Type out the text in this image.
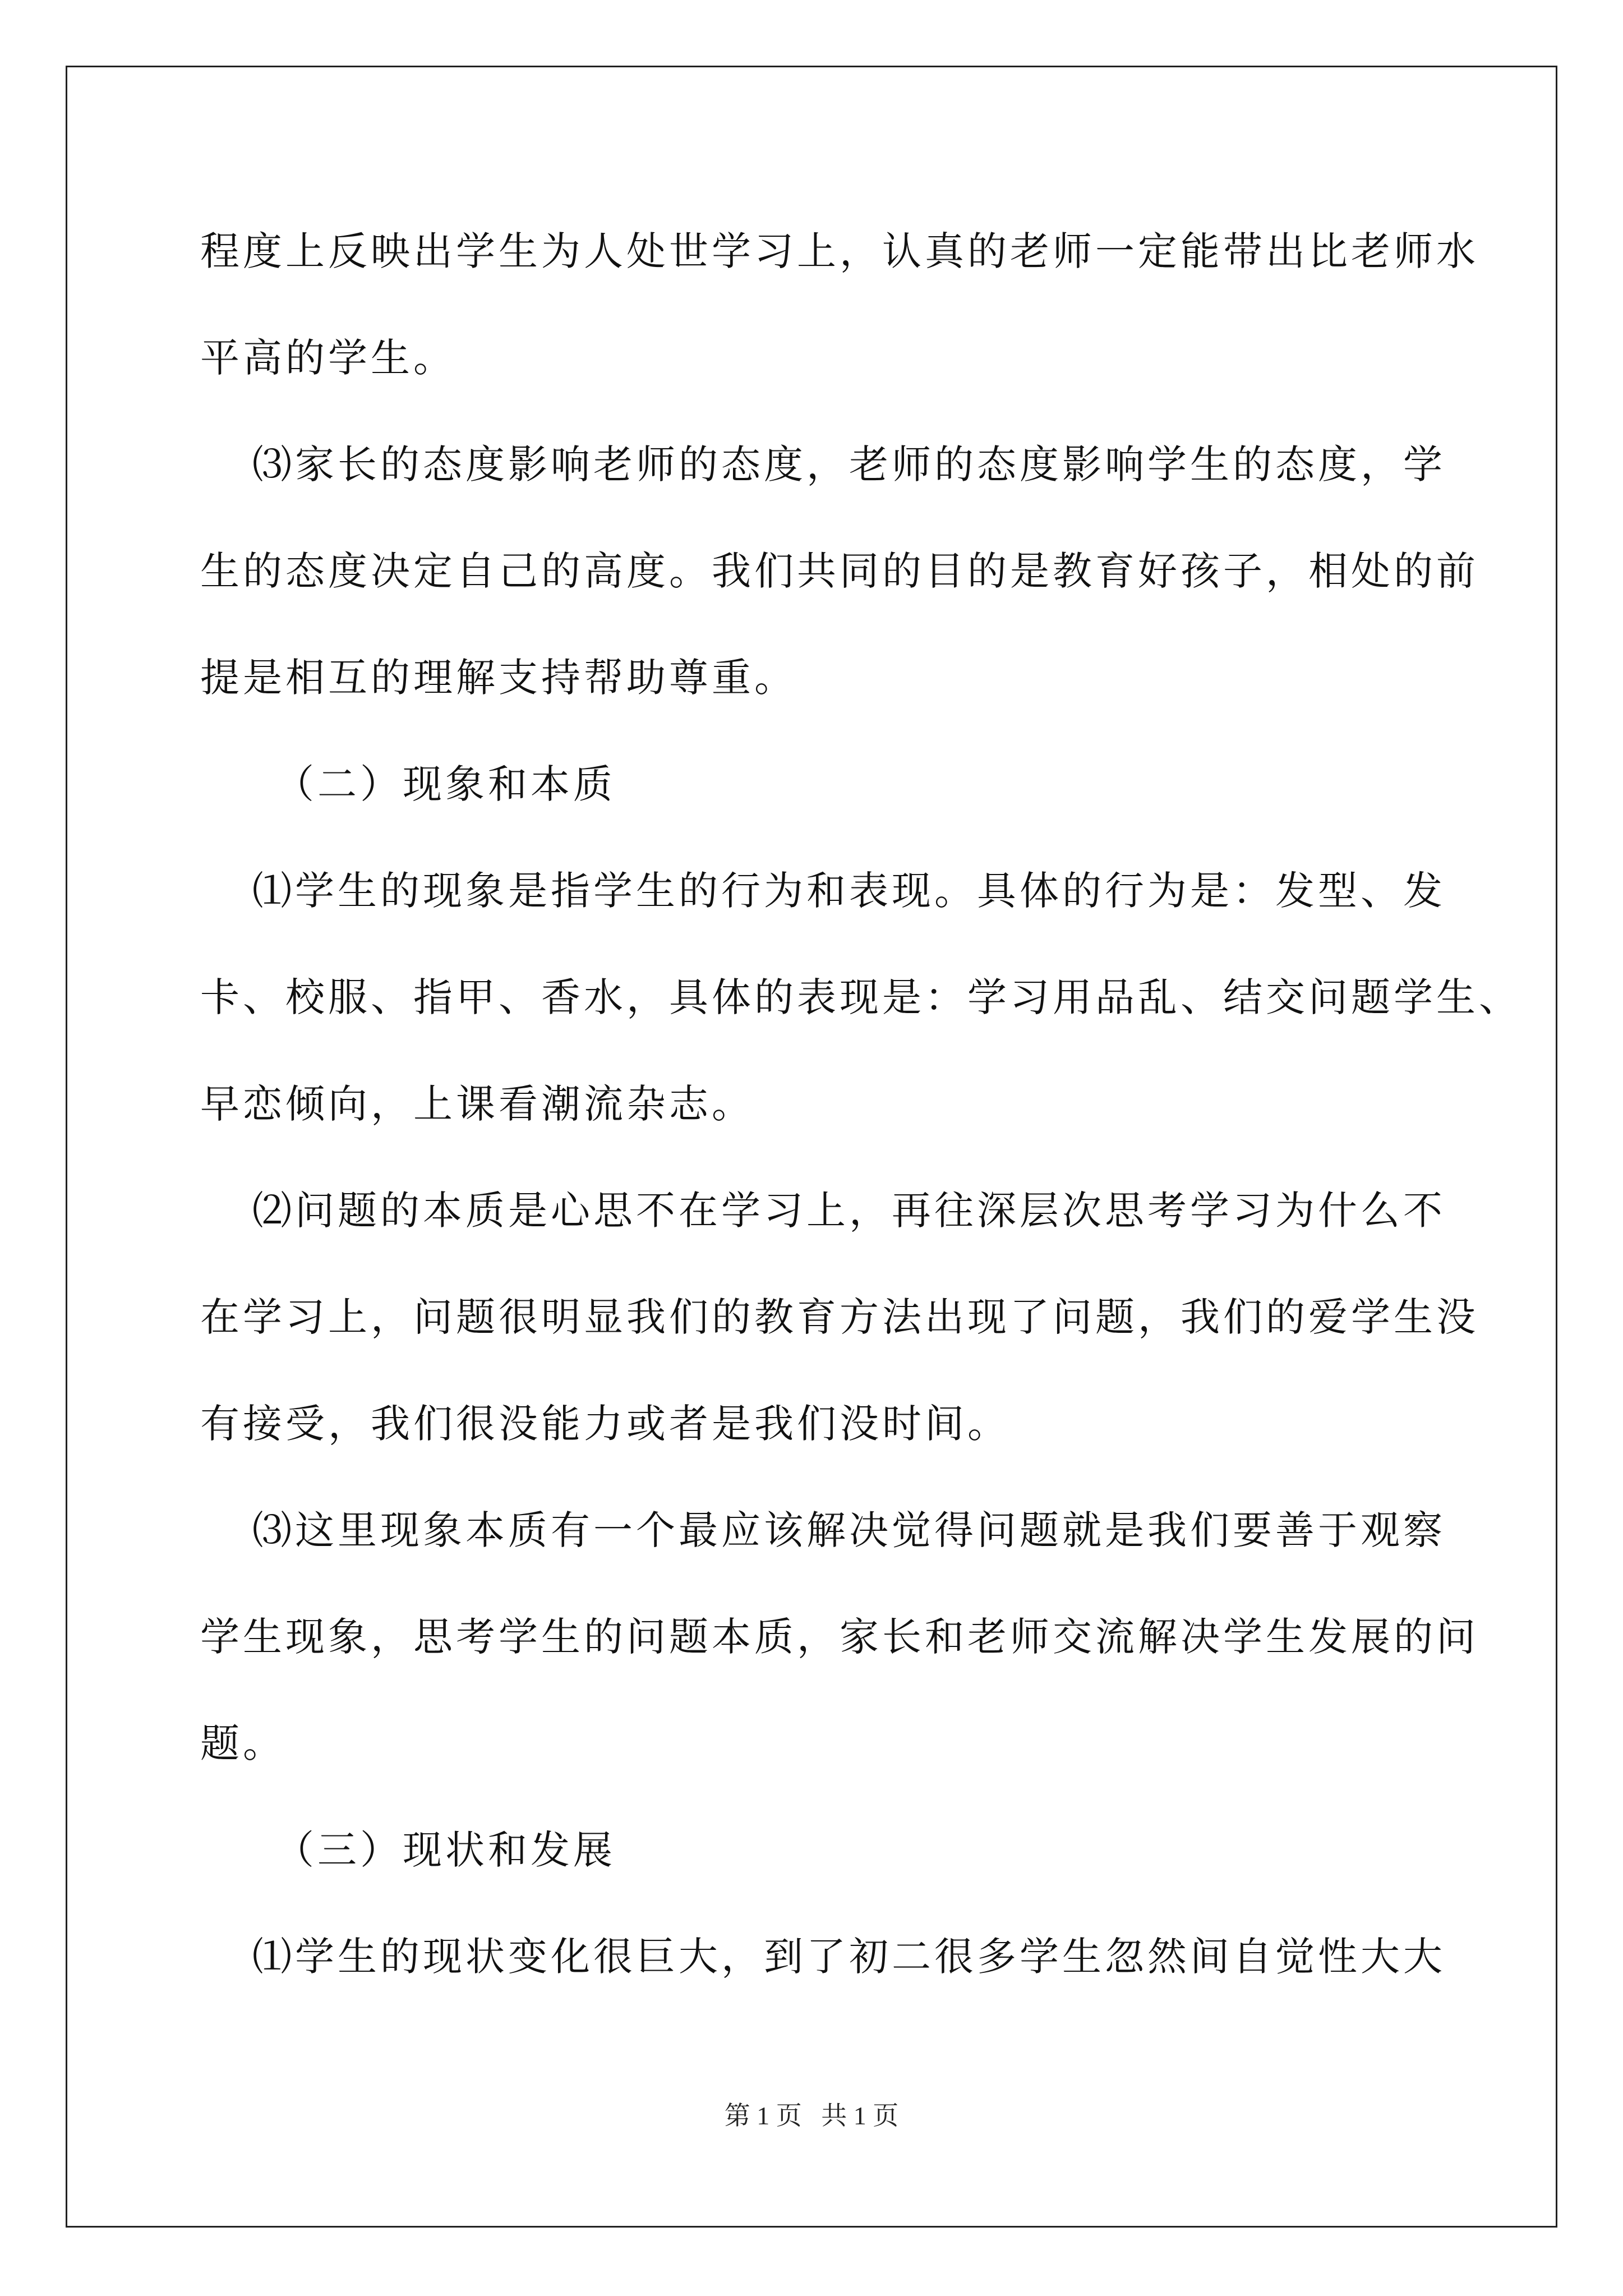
程度上反映出学生为人处世学习上，认真的老师一定能带出比老师水
平高的学生。
⑶家长的态度影响老师的态度，老师的态度影响学生的态度，学
生的态度决定自己的高度。我们共同的目的是教育好孩子，相处的前
提是相互的理解支持帮助尊重。
（二）现象和本质
⑴学生的现象是指学生的行为和表现。具体的行为是：发型、发
卡、校服、指甲、香水，具体的表现是：学习用品乱、结交问题学生、
早恋倾向，上课看潮流杂志。
⑵问题的本质是心思不在学习上，再往深层次思考学习为什么不
在学习上，问题很明显我们的教育方法出现了问题，我们的爱学生没
有接受，我们很没能力或者是我们没时间。
⑶这里现象本质有一个最应该解决觉得问题就是我们要善于观察
学生现象，思考学生的问题本质，家长和老师交流解决学生发展的问
题。
（三）现状和发展
⑴学生的现状变化很巨大，到了初二很多学生忽然间自觉性大大
第 1 页   共 1 页
